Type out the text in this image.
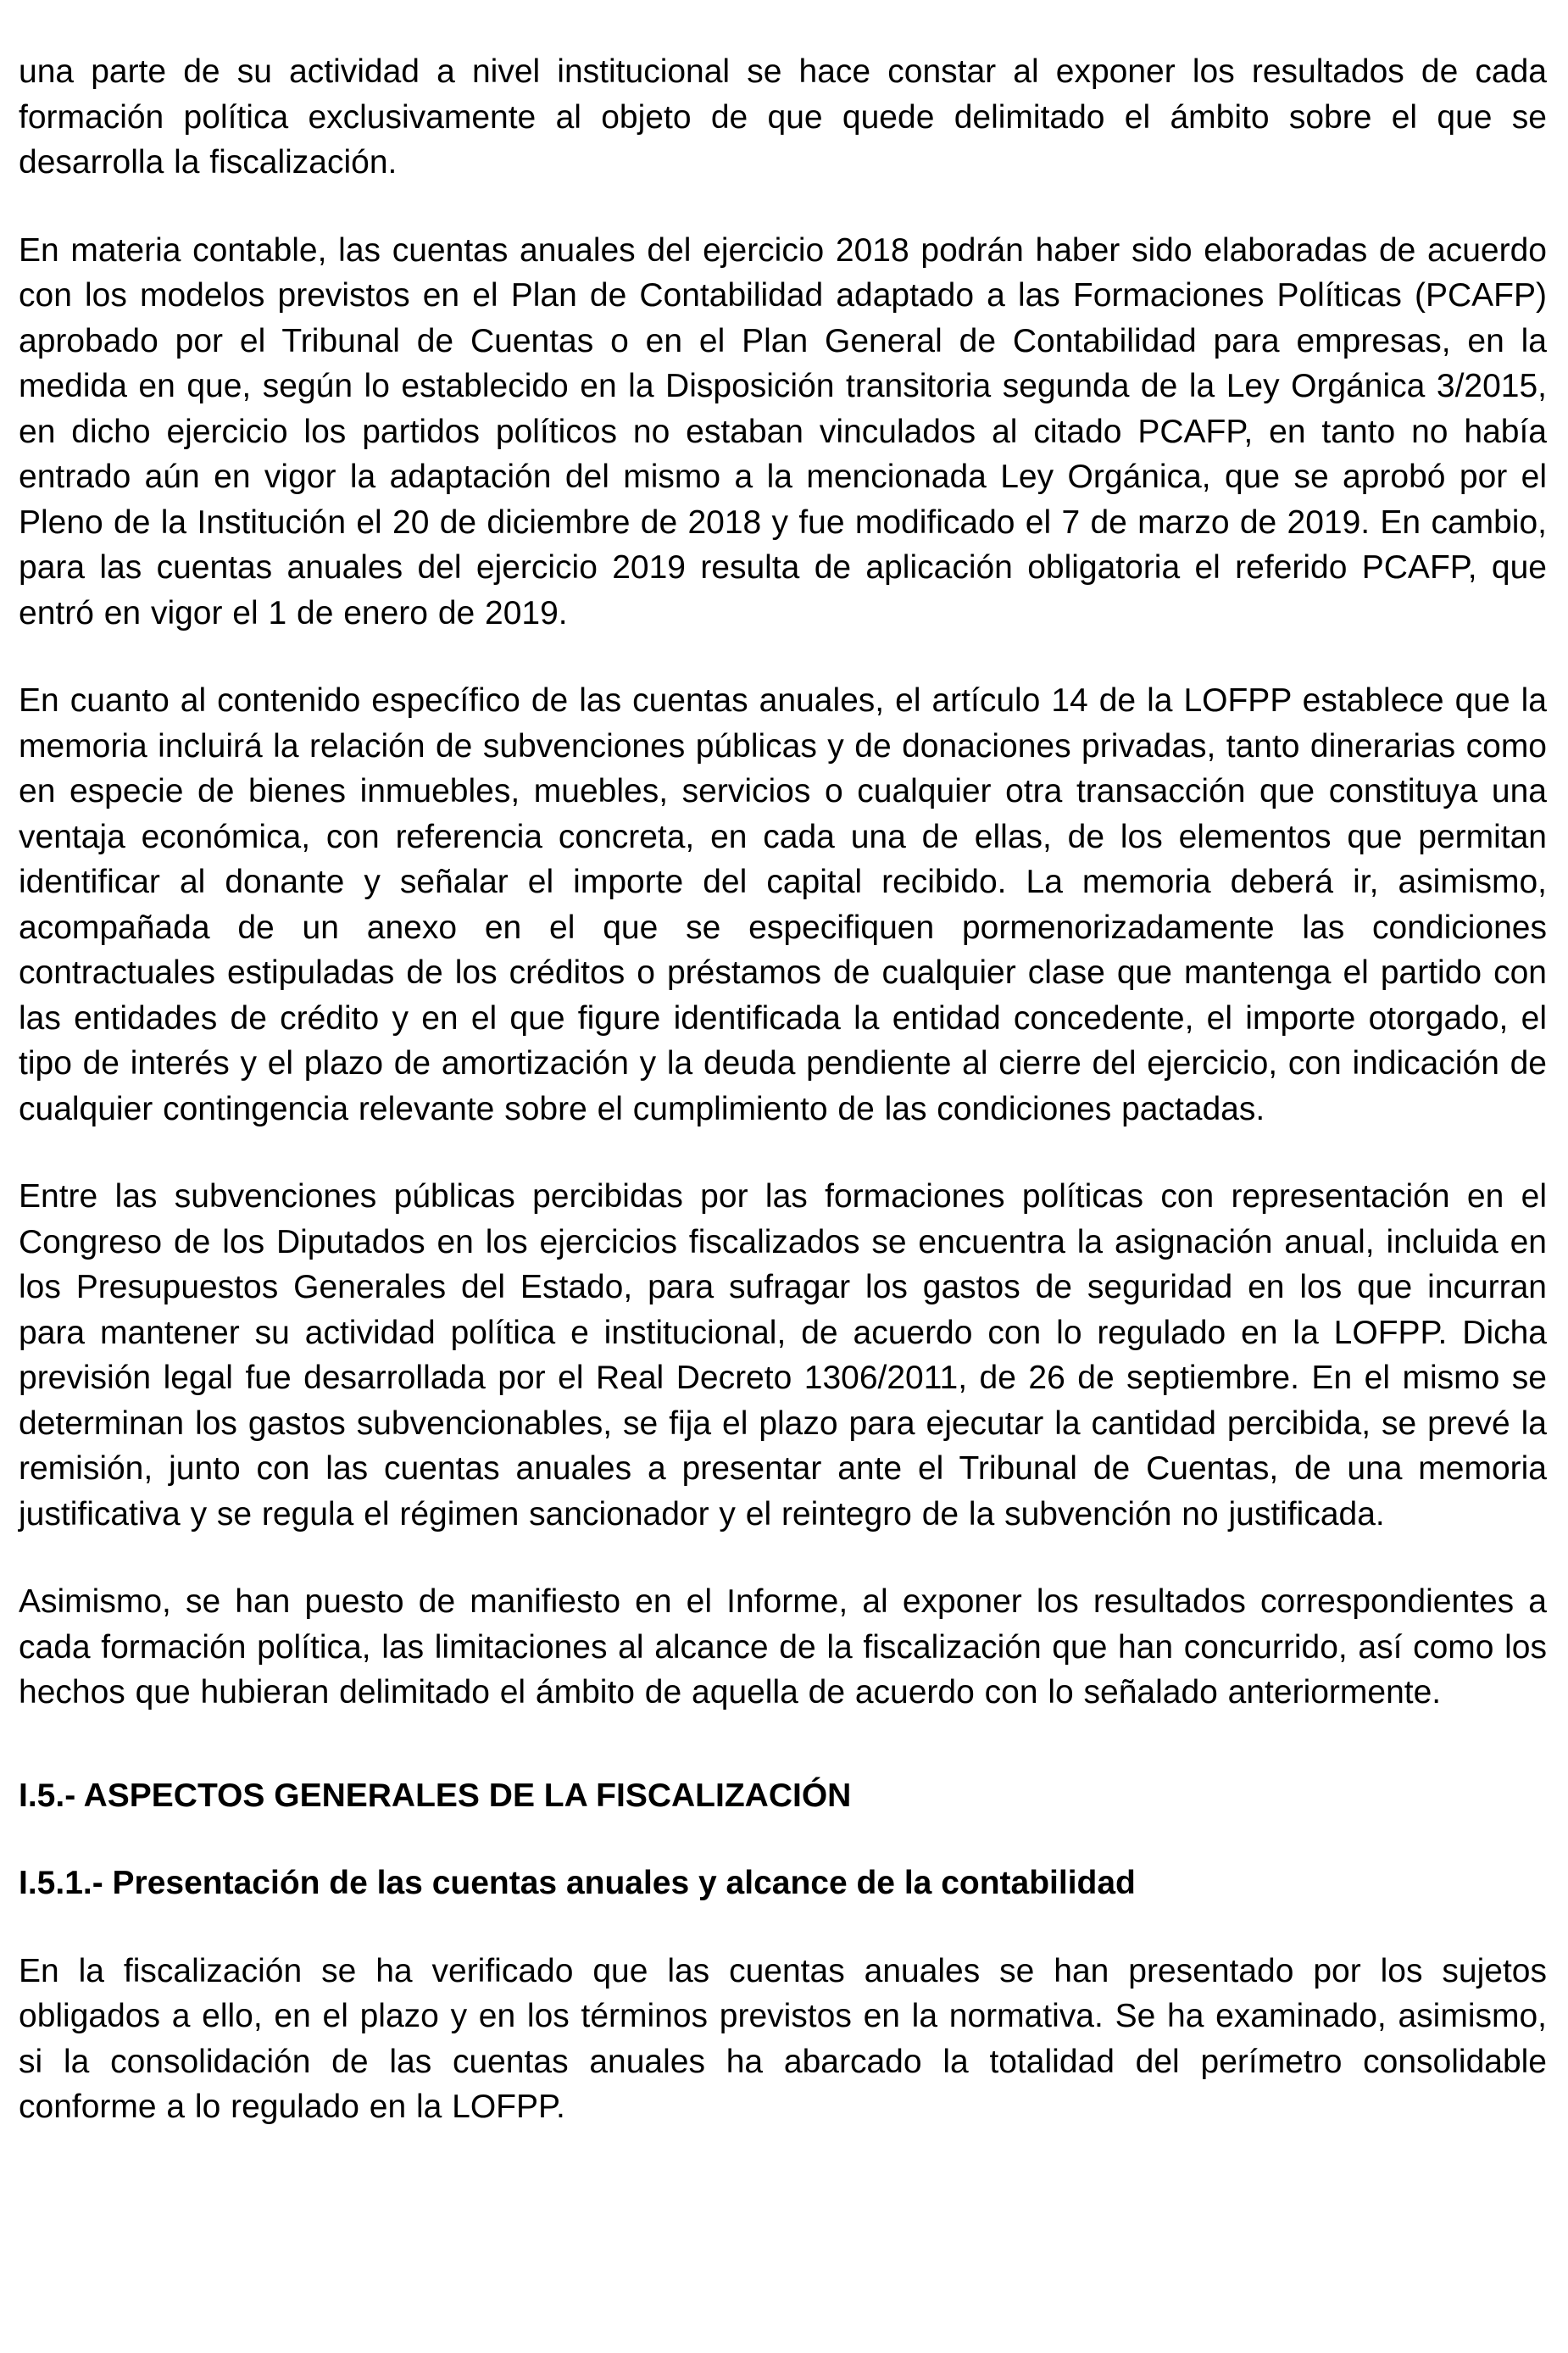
una parte de su actividad a nivel institucional se hace constar al exponer los resultados de cada formación política exclusivamente al objeto de que quede delimitado el ámbito sobre el que se desarrolla la fiscalización.

En materia contable, las cuentas anuales del ejercicio 2018 podrán haber sido elaboradas de acuerdo con los modelos previstos en el Plan de Contabilidad adaptado a las Formaciones Políticas (PCAFP) aprobado por el Tribunal de Cuentas o en el Plan General de Contabilidad para empresas, en la medida en que, según lo establecido en la Disposición transitoria segunda de la Ley Orgánica 3/2015, en dicho ejercicio los partidos políticos no estaban vinculados al citado PCAFP, en tanto no había entrado aún en vigor la adaptación del mismo a la mencionada Ley Orgánica, que se aprobó por el Pleno de la Institución el 20 de diciembre de 2018 y fue modificado el 7 de marzo de 2019. En cambio, para las cuentas anuales del ejercicio 2019 resulta de aplicación obligatoria el referido PCAFP, que entró en vigor el 1 de enero de 2019.

En cuanto al contenido específico de las cuentas anuales, el artículo 14 de la LOFPP establece que la memoria incluirá la relación de subvenciones públicas y de donaciones privadas, tanto dinerarias como en especie de bienes inmuebles, muebles, servicios o cualquier otra transacción que constituya una ventaja económica, con referencia concreta, en cada una de ellas, de los elementos que permitan identificar al donante y señalar el importe del capital recibido. La memoria deberá ir, asimismo, acompañada de un anexo en el que se especifiquen pormenorizadamente las condiciones contractuales estipuladas de los créditos o préstamos de cualquier clase que mantenga el partido con las entidades de crédito y en el que figure identificada la entidad concedente, el importe otorgado, el tipo de interés y el plazo de amortización y la deuda pendiente al cierre del ejercicio, con indicación de cualquier contingencia relevante sobre el cumplimiento de las condiciones pactadas.

Entre las subvenciones públicas percibidas por las formaciones políticas con representación en el Congreso de los Diputados en los ejercicios fiscalizados se encuentra la asignación anual, incluida en los Presupuestos Generales del Estado, para sufragar los gastos de seguridad en los que incurran para mantener su actividad política e institucional, de acuerdo con lo regulado en la LOFPP. Dicha previsión legal fue desarrollada por el Real Decreto 1306/2011, de 26 de septiembre. En el mismo se determinan los gastos subvencionables, se fija el plazo para ejecutar la cantidad percibida, se prevé la remisión, junto con las cuentas anuales a presentar ante el Tribunal de Cuentas, de una memoria justificativa y se regula el régimen sancionador y el reintegro de la subvención no justificada.

Asimismo, se han puesto de manifiesto en el Informe, al exponer los resultados correspondientes a cada formación política, las limitaciones al alcance de la fiscalización que han concurrido, así como los hechos que hubieran delimitado el ámbito de aquella de acuerdo con lo señalado anteriormente.

I.5.- ASPECTOS GENERALES DE LA FISCALIZACIÓN
I.5.1.- Presentación de las cuentas anuales y alcance de la contabilidad

En la fiscalización se ha verificado que las cuentas anuales se han presentado por los sujetos obligados a ello, en el plazo y en los términos previstos en la normativa. Se ha examinado, asimismo, si la consolidación de las cuentas anuales ha abarcado la totalidad del perímetro consolidable conforme a lo regulado en la LOFPP.
